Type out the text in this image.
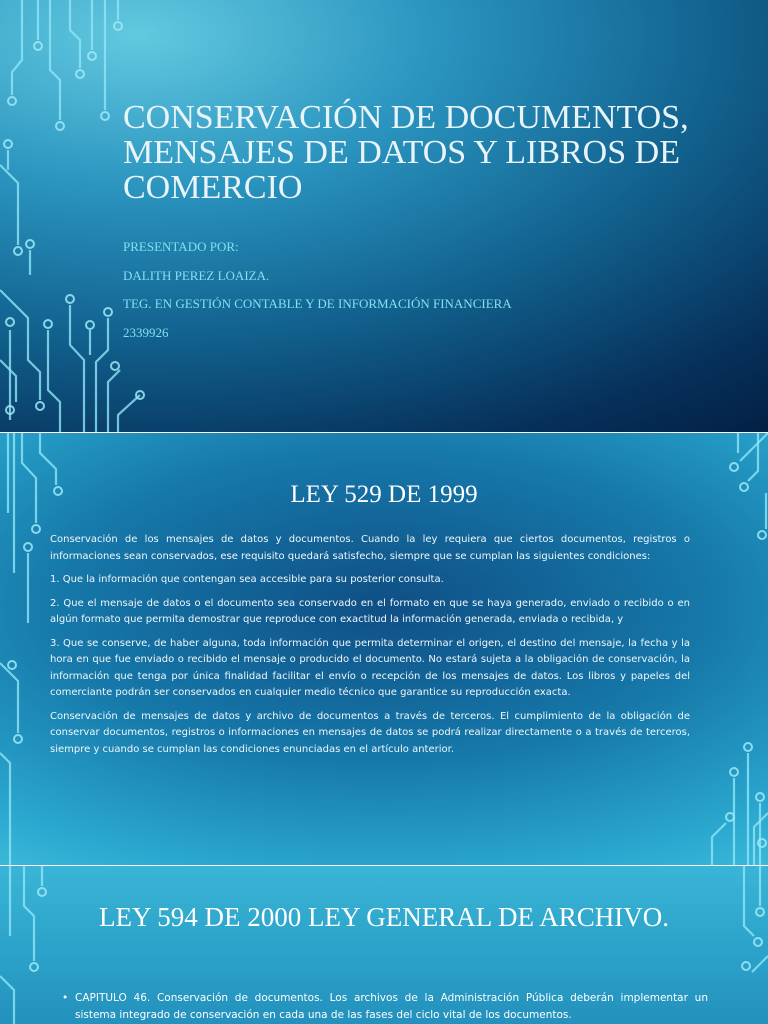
CONSERVACIÓN DE DOCUMENTOS, MENSAJES DE DATOS Y LIBROS DE COMERCIO
PRESENTADO POR:
DALITH PEREZ LOAIZA.
TEG. EN GESTIÓN CONTABLE Y DE INFORMACIÓN FINANCIERA
2339926
LEY 529 DE 1999

Conservación de los mensajes de datos y documentos. Cuando la ley requiera que ciertos documentos, registros o informaciones sean conservados, ese requisito quedará satisfecho, siempre que se cumplan las siguientes condiciones:

1. Que la información que contengan sea accesible para su posterior consulta.

2. Que el mensaje de datos o el documento sea conservado en el formato en que se haya generado, enviado o recibido o en algún formato que permita demostrar que reproduce con exactitud la información generada, enviada o recibida, y

3. Que se conserve, de haber alguna, toda información que permita determinar el origen, el destino del mensaje, la fecha y la hora en que fue enviado o recibido el mensaje o producido el documento. No estará sujeta a la obligación de conservación, la información que tenga por única finalidad facilitar el envío o recepción de los mensajes de datos. Los libros y papeles del comerciante podrán ser conservados en cualquier medio técnico que garantice su reproducción exacta.

Conservación de mensajes de datos y archivo de documentos a través de terceros. El cumplimiento de la obligación de conservar documentos, registros o informaciones en mensajes de datos se podrá realizar directamente o a través de terceros, siempre y cuando se cumplan las condiciones enunciadas en el artículo anterior.

LEY 594 DE 2000 LEY GENERAL DE ARCHIVO.
• CAPITULO 46. Conservación de documentos. Los archivos de la Administración Pública deberán implementar un sistema integrado de conservación en cada una de las fases del ciclo vital de los documentos.
